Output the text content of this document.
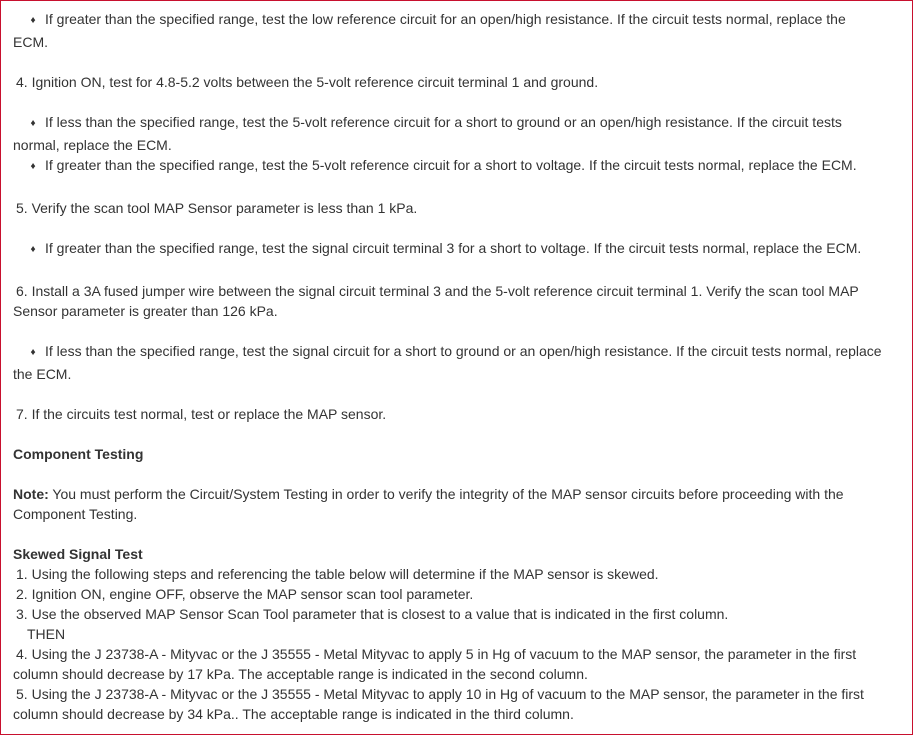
♦ If greater than the specified range, test the low reference circuit for an open/high resistance. If the circuit tests normal, replace the ECM.
4. Ignition ON, test for 4.8-5.2 volts between the 5-volt reference circuit terminal 1 and ground.
♦ If less than the specified range, test the 5-volt reference circuit for a short to ground or an open/high resistance. If the circuit tests normal, replace the ECM.
♦ If greater than the specified range, test the 5-volt reference circuit for a short to voltage. If the circuit tests normal, replace the ECM.
5. Verify the scan tool MAP Sensor parameter is less than 1 kPa.
♦ If greater than the specified range, test the signal circuit terminal 3 for a short to voltage. If the circuit tests normal, replace the ECM.
6. Install a 3A fused jumper wire between the signal circuit terminal 3 and the 5-volt reference circuit terminal 1. Verify the scan tool MAP Sensor parameter is greater than 126 kPa.
♦ If less than the specified range, test the signal circuit for a short to ground or an open/high resistance. If the circuit tests normal, replace the ECM.
7. If the circuits test normal, test or replace the MAP sensor.
Component Testing
Note: You must perform the Circuit/System Testing in order to verify the integrity of the MAP sensor circuits before proceeding with the Component Testing.
Skewed Signal Test
1. Using the following steps and referencing the table below will determine if the MAP sensor is skewed.
2. Ignition ON, engine OFF, observe the MAP sensor scan tool parameter.
3. Use the observed MAP Sensor Scan Tool parameter that is closest to a value that is indicated in the first column.
THEN
4. Using the J 23738-A - Mityvac or the J 35555 - Metal Mityvac to apply 5 in Hg of vacuum to the MAP sensor, the parameter in the first column should decrease by 17 kPa. The acceptable range is indicated in the second column.
5. Using the J 23738-A - Mityvac or the J 35555 - Metal Mityvac to apply 10 in Hg of vacuum to the MAP sensor, the parameter in the first column should decrease by 34 kPa.. The acceptable range is indicated in the third column.
